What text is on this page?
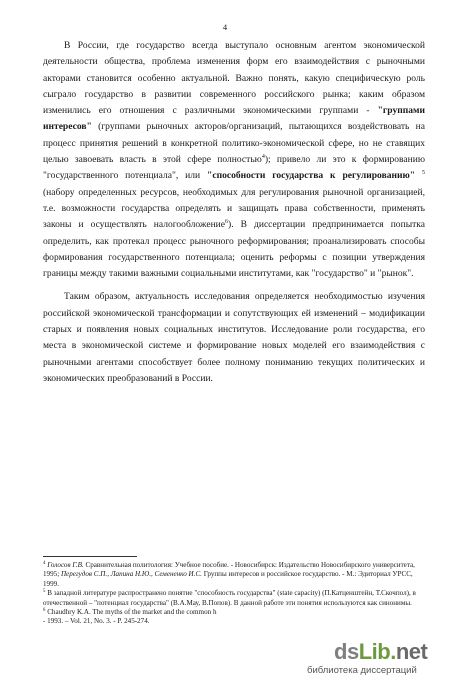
4

В России, где государство всегда выступало основным агентом экономической деятельности общества, проблема изменения форм его взаимодействия с рыночными акторами становится особенно актуальной. Важно понять, какую специфическую роль сыграло государство в развитии современного российского рынка; каким образом изменились его отношения с различными экономическими группами - "группами интересов" (группами рыночных акторов/организаций, пытающихся воздействовать на процесс принятия решений в конкретной политико-экономической сфере, но не ставящих целью завоевать власть в этой сфере полностью$^4$); привело ли это к формированию "государственного потенциала", или "способности государства к регулированию" $^5$ (набору определенных ресурсов, необходимых для регулирования рыночной организацией, т.е. возможности государства определять и защищать права собственности, применять законы и осуществлять налогообложение$^6$). В диссертации предпринимается попытка определить, как протекал процесс рыночного реформирования; проанализировать способы формирования государственного потенциала; оценить реформы с позиции утверждения границы между такими важными социальными институтами, как "государство" и "рынок".

Таким образом, актуальность исследования определяется необходимостью изучения российской экономической трансформации и сопутствующих ей изменений – модификации старых и появления новых социальных институтов. Исследование роли государства, его места в экономической системе и формирование новых моделей его взаимодействия с рыночными агентами способствует более полному пониманию текущих политических и экономических преобразований в России.

$^4$ Голосов Г.В. Сравнительная политология: Учебное пособие. - Новосибирск: Издательство Новосибирского университета, 1995; Перегудов С.П., Лапина Н.Ю., Семененко И.С. Группы интересов и российское государство. - М.: Эдиториал УРСС, 1999.

$^5$ В западной литературе распространено понятие "способность государства" (state capacity) (П.Катценштейн, Т.Скочпол), в отечественной – "потенциал государства" (В.А.Мау, В.Попов). В данной работе эти понятия используются как синонимы.

$^6$ Chaudhry K.A. The myths of the market and the common h
- 1993. – Vol. 21, No. 3. - P. 245-274.

dsLib.net
библиотека диссертаций
